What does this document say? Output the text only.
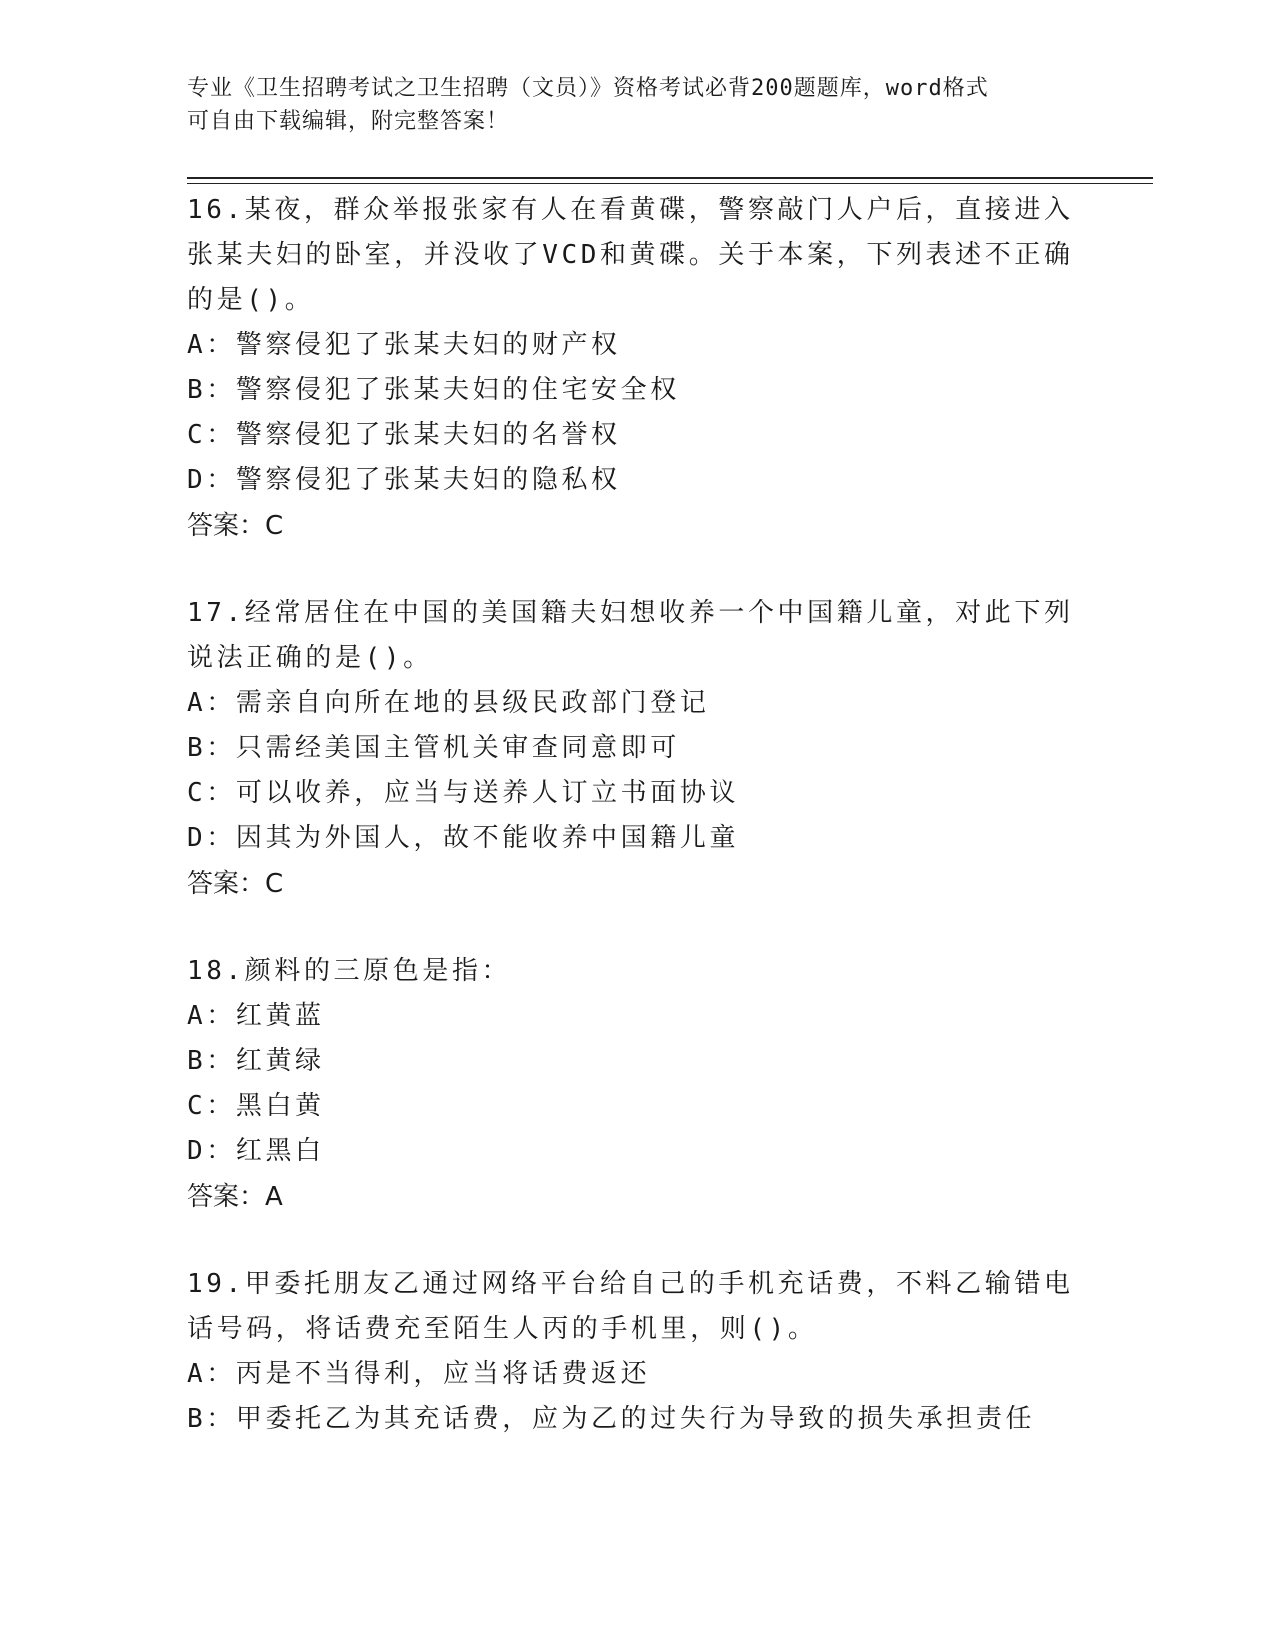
专业《卫生招聘考试之卫生招聘（文员）》资格考试必背200题题库，word格式
可自由下载编辑，附完整答案！

16.某夜，群众举报张家有人在看黄碟，警察敲门人户后，直接进入张某夫妇的卧室，并没收了VCD和黄碟。关于本案，下列表述不正确的是()。

A：警察侵犯了张某夫妇的财产权

B：警察侵犯了张某夫妇的住宅安全权

C：警察侵犯了张某夫妇的名誉权

D：警察侵犯了张某夫妇的隐私权

答案：C

17.经常居住在中国的美国籍夫妇想收养一个中国籍儿童，对此下列说法正确的是()。

A：需亲自向所在地的县级民政部门登记

B：只需经美国主管机关审查同意即可

C：可以收养，应当与送养人订立书面协议

D：因其为外国人，故不能收养中国籍儿童

答案：C

18.颜料的三原色是指：

A：红黄蓝

B：红黄绿

C：黑白黄

D：红黑白

答案：A

19.甲委托朋友乙通过网络平台给自己的手机充话费，不料乙输错电话号码，将话费充至陌生人丙的手机里，则()。

A：丙是不当得利，应当将话费返还

B：甲委托乙为其充话费，应为乙的过失行为导致的损失承担责任
